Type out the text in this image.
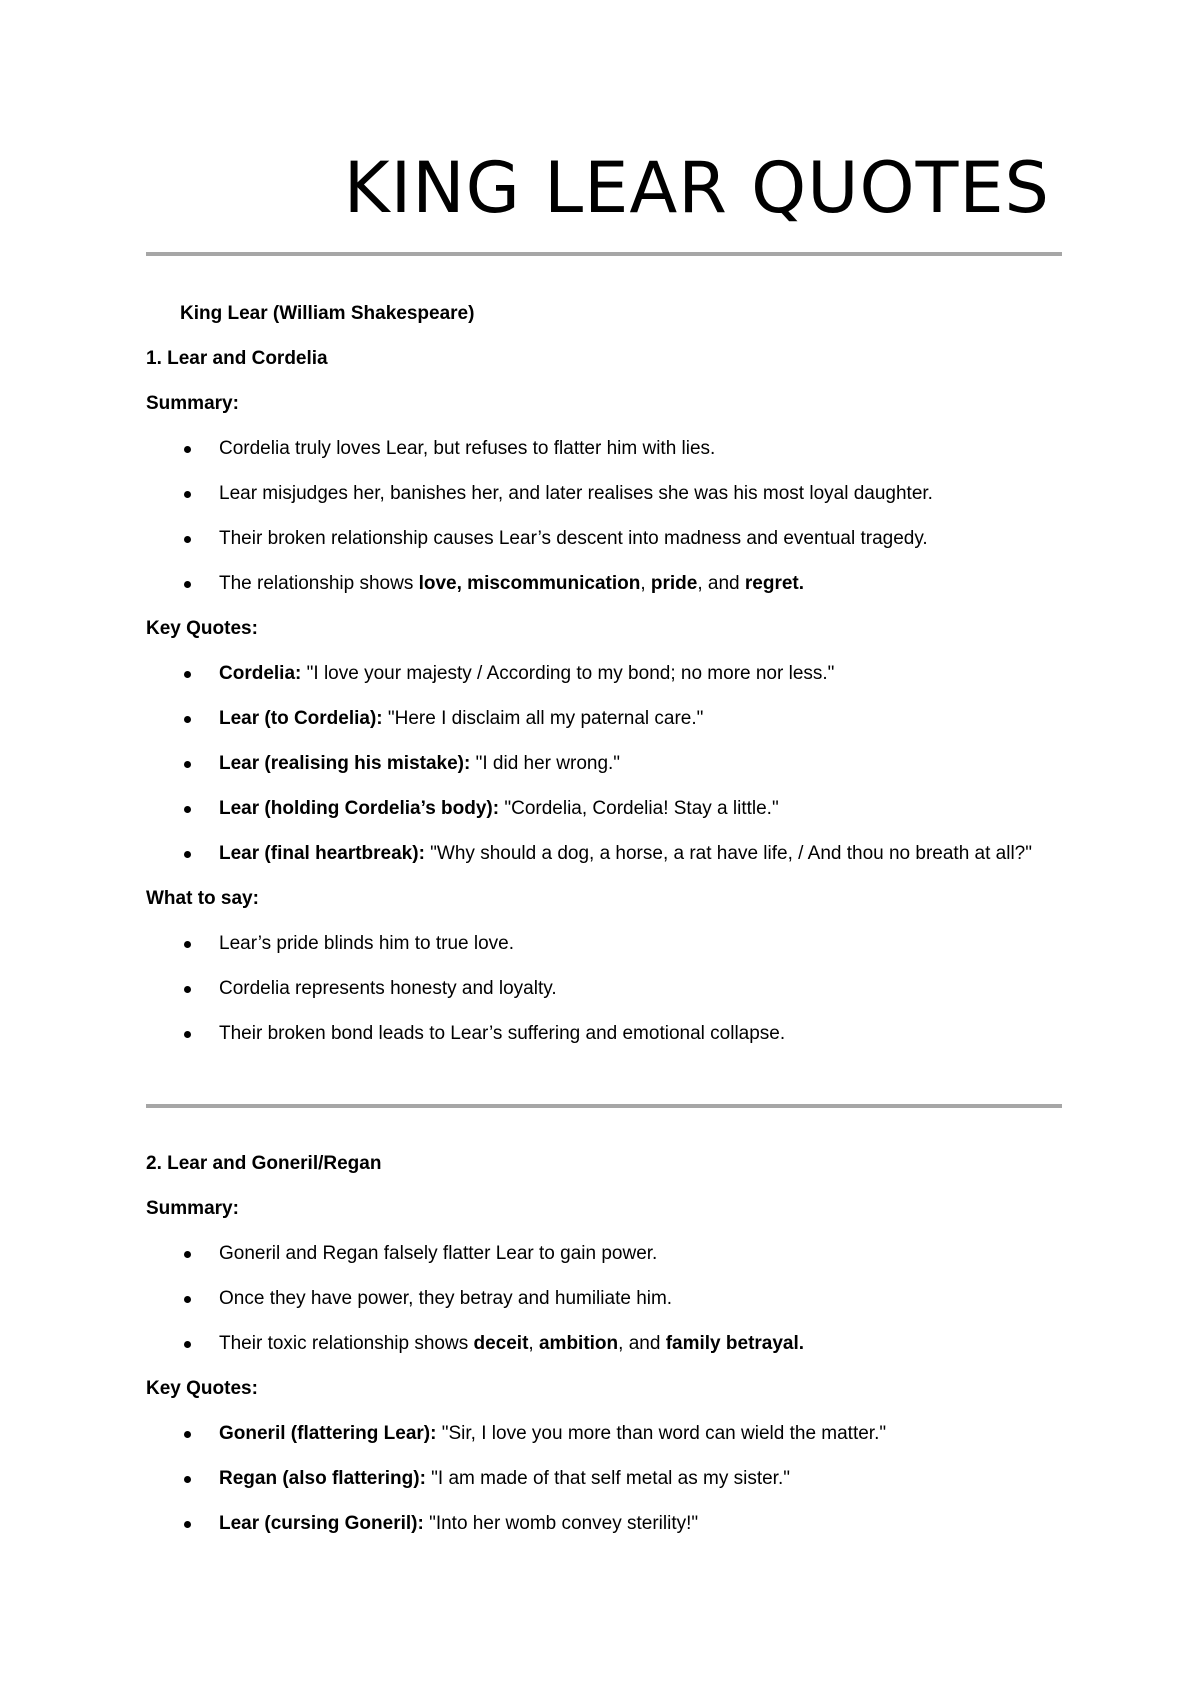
KING LEAR QUOTES

King Lear (William Shakespeare)

1. Lear and Cordelia

Summary:

Cordelia truly loves Lear, but refuses to flatter him with lies.
Lear misjudges her, banishes her, and later realises she was his most loyal daughter.
Their broken relationship causes Lear’s descent into madness and eventual tragedy.
The relationship shows love, miscommunication, pride, and regret.

Key Quotes:

Cordelia: "I love your majesty / According to my bond; no more nor less."
Lear (to Cordelia): "Here I disclaim all my paternal care."
Lear (realising his mistake): "I did her wrong."
Lear (holding Cordelia’s body): "Cordelia, Cordelia! Stay a little."
Lear (final heartbreak): "Why should a dog, a horse, a rat have life, / And thou no breath at all?"

What to say:

Lear’s pride blinds him to true love.
Cordelia represents honesty and loyalty.
Their broken bond leads to Lear’s suffering and emotional collapse.

2. Lear and Goneril/Regan

Summary:

Goneril and Regan falsely flatter Lear to gain power.
Once they have power, they betray and humiliate him.
Their toxic relationship shows deceit, ambition, and family betrayal.

Key Quotes:

Goneril (flattering Lear): "Sir, I love you more than word can wield the matter."
Regan (also flattering): "I am made of that self metal as my sister."
Lear (cursing Goneril): "Into her womb convey sterility!"
